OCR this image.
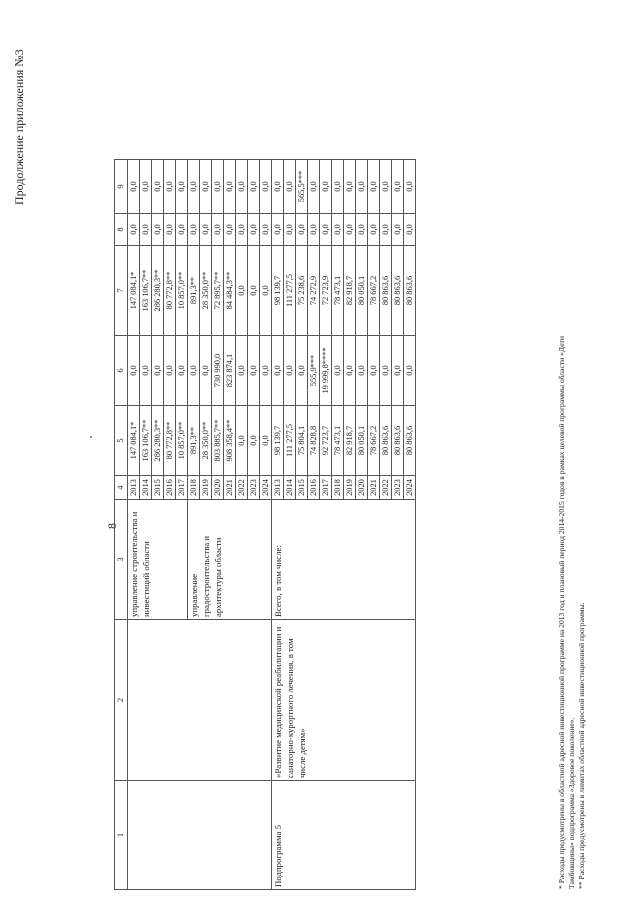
8
Продолжение приложения №3
1	2	3	4	5	6	7	8	9
		управление строительства и инвестиций области	2013	147 084,1*	0,0	147 084,1*	0,0	0,0
			2014	163 106,7**	0,0	163 106,7**	0,0	0,0
			2015	286 280,3**	0,0	286 280,3**	0,0	0,0
			2016	80 772,8**	0,0	80 772,8**	0,0	0,0
			2017	10 857,0**	0,0	10 857,0**	0,0	0,0
		управление градостроительства и архитектуры области	2018	891,3**	0,0	891,3**	0,0	0,0
			2019	28 350,0**	0,0	28 350,0**	0,0	0,0
			2020	803 885,7**	730 990,0	72 895,7**	0,0	0,0
			2021	908 358,4**	823 874,1	84 484,3**	0,0	0,0
			2022	0,0	0,0	0,0	0,0	0,0
			2023	0,0	0,0	0,0	0,0	0,0
			2024	0,0	0,0	0,0	0,0	0,0
Подпрограмма 5	«Развитие медицинской реабилитации и санаторно-курортного лечения, в том числе детям»	Всего, в том числе:	2013	98 139,7	0,0	98 139,7	0,0	0,0
			2014	111 277,5	0,0	111 277,5	0,0	0,0
			2015	75 804,1	0,0	75 238,6	0,0	565,5***
			2016	74 828,8	555,9***	74 272,9	0,0	0,0
			2017	92 723,7	19 999,8****	72 723,9	0,0	0,0
			2018	78 473,1	0,0	78 473,1	0,0	0,0
			2019	82 918,7	0,0	82 918,7	0,0	0,0
			2020	80 050,1	0,0	80 050,1	0,0	0,0
			2021	78 667,2	0,0	78 667,2	0,0	0,0
			2022	80 863,6	0,0	80 863,6	0,0	0,0
			2023	80 863,6	0,0	80 863,6	0,0	0,0
			2024	80 863,6	0,0	80 863,6	0,0	0,0
* Расходы предусмотрены в областной адресной инвестиционной программе на 2013 год и плановый период 2014-2015 годов в рамках целевой программы области «Дети Тамбовщины» подпрограмма «Здоровое поколение». ** Расходы предусмотрены в лимитах областной адресной инвестиционной программы.
